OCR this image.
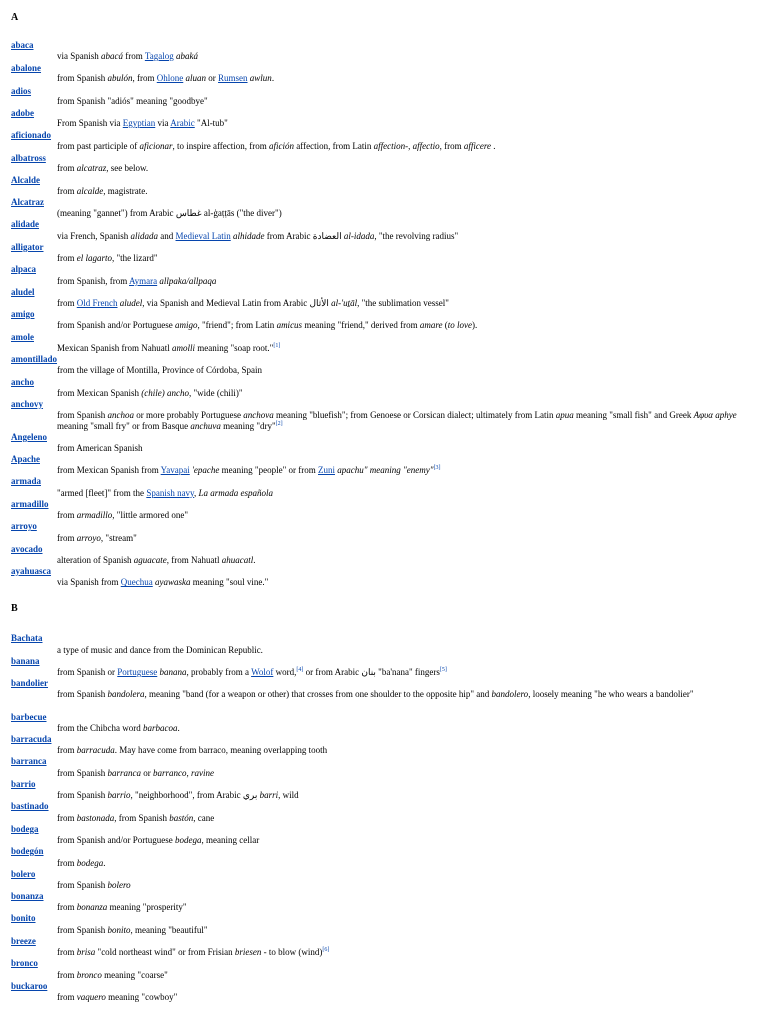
A
abaca
via Spanish abacá from Tagalog abaká
abalone
from Spanish abulón, from Ohlone aluan or Rumsen awlun.
adios
from Spanish "adiós" meaning "goodbye"
adobe
From Spanish via Egyptian via Arabic "Al-tub"
aficionado
from past participle of aficionar, to inspire affection, from afición affection, from Latin affection-, affectio, from afficere .
albatross
from alcatraz, see below.
Alcalde
from alcalde, magistrate.
Alcatraz
(meaning "gannet") from Arabic غطاس al-ġaṭṭās ("the diver")
alidade
via French, Spanish alidada and Medieval Latin alhidade from Arabic العضادة al-idada, "the revolving radius"
alligator
from el lagarto, "the lizard"
alpaca
from Spanish, from Aymara allpaka/allpaqa
aludel
from Old French aludel, via Spanish and Medieval Latin from Arabic الأثال al-'uṯāl, "the sublimation vessel"
amigo
from Spanish and/or Portuguese amigo, "friend"; from Latin amicus meaning "friend," derived from amare (to love).
amole
Mexican Spanish from Nahuatl amolli meaning "soap root."[1]
amontillado
from the village of Montilla, Province of Córdoba, Spain
ancho
from Mexican Spanish (chile) ancho, "wide (chili)"
anchovy
from Spanish anchoa or more probably Portuguese anchova meaning "bluefish"; from Genoese or Corsican dialect; ultimately from Latin apua meaning "small fish" and Greek Aφυα aphye meaning "small fry" or from Basque anchuva meaning "dry"[2]
Angeleno
from American Spanish
Apache
from Mexican Spanish from Yavapai 'epache meaning "people" or from Zuni apachu" meaning "enemy"[3]
armada
"armed [fleet]" from the Spanish navy, La armada española
armadillo
from armadillo, "little armored one"
arroyo
from arroyo, "stream"
avocado
alteration of Spanish aguacate, from Nahuatl ahuacatl.
ayahuasca
via Spanish from Quechua ayawaska meaning "soul vine."
B
Bachata
a type of music and dance from the Dominican Republic.
banana
from Spanish or Portuguese banana, probably from a Wolof word,[4] or from Arabic بنان "ba'nana" fingers[5]
bandolier
from Spanish bandolera, meaning "band (for a weapon or other) that crosses from one shoulder to the opposite hip" and bandolero, loosely meaning "he who wears a bandolier"
barbecue
from the Chibcha word barbacoa.
barracuda
from barracuda. May have come from barraco, meaning overlapping tooth
barranca
from Spanish barranca or barranco, ravine
barrio
from Spanish barrio, "neighborhood", from Arabic بري barri, wild
bastinado
from bastonada, from Spanish bastón, cane
bodega
from Spanish and/or Portuguese bodega, meaning cellar
bodegón
from bodega.
bolero
from Spanish bolero
bonanza
from bonanza meaning "prosperity"
bonito
from Spanish bonito, meaning "beautiful"
breeze
from brisa "cold northeast wind" or from Frisian briesen - to blow (wind)[6]
bronco
from bronco meaning "coarse"
buckaroo
from vaquero meaning "cowboy"
